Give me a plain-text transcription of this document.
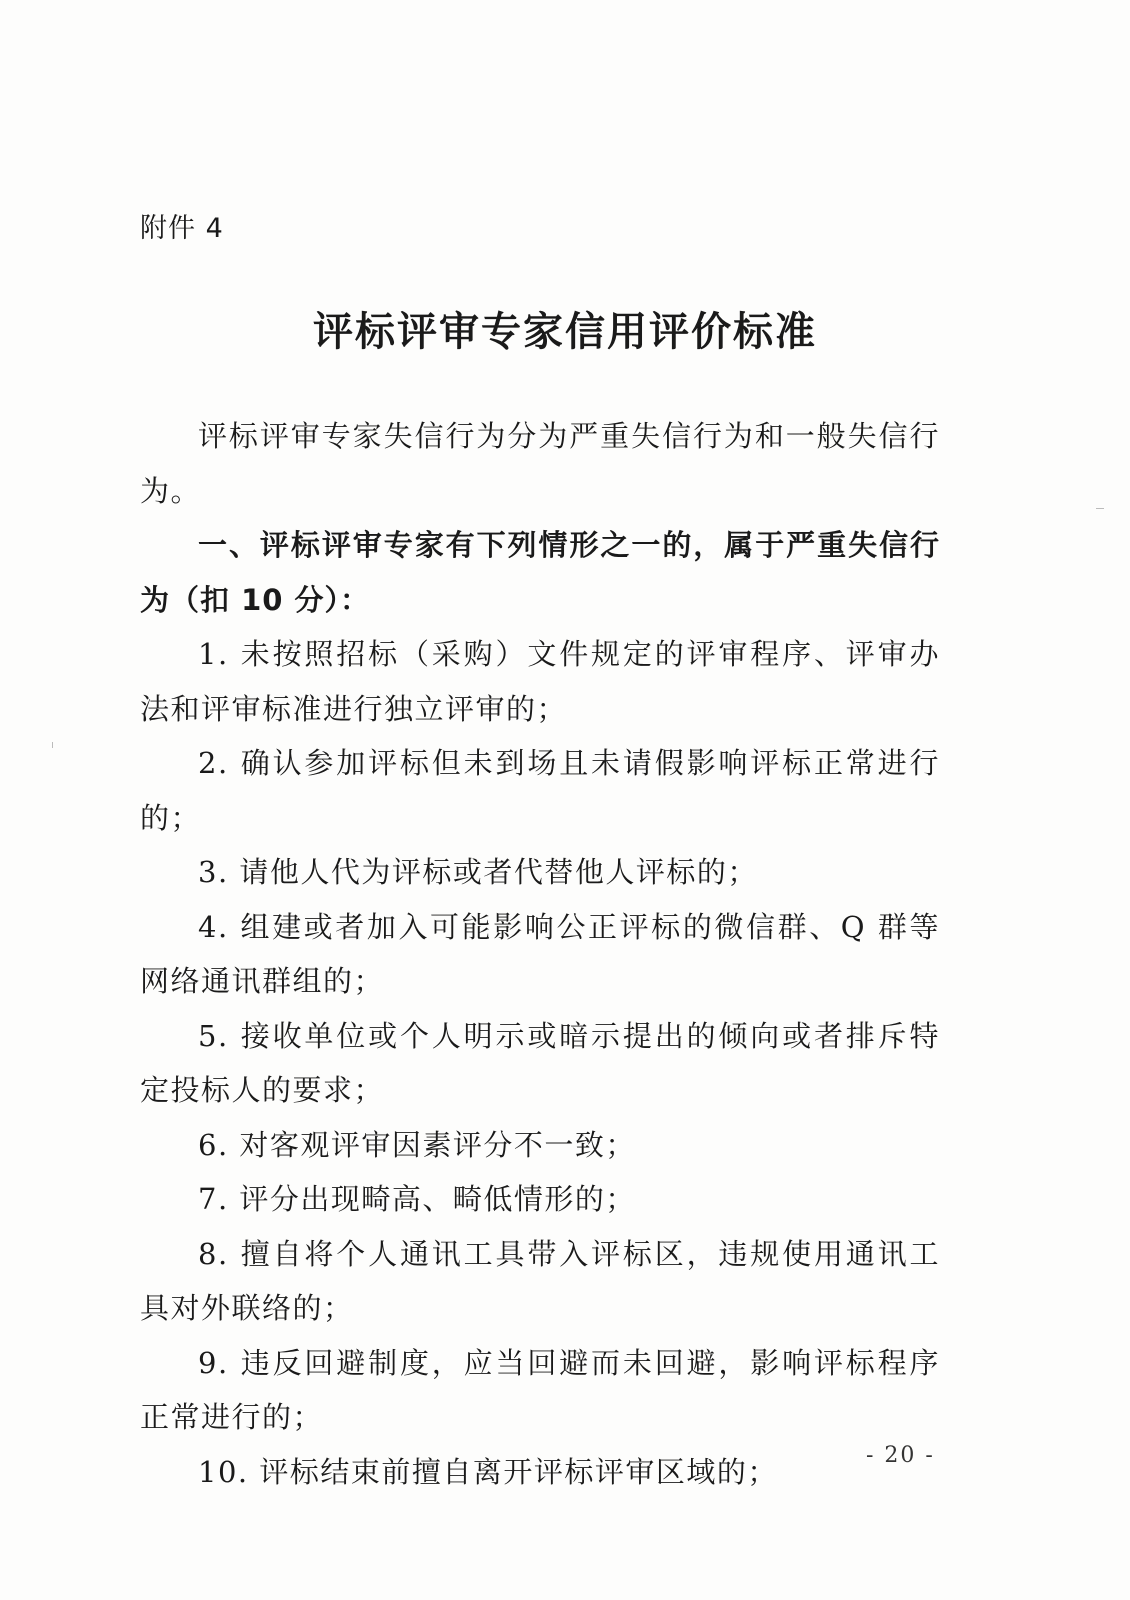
附件 4
评标评审专家信用评价标准

评标评审专家失信行为分为严重失信行为和一般失信行为。

一、评标评审专家有下列情形之一的，属于严重失信行为（扣 10 分）：

1. 未按照招标（采购）文件规定的评审程序、评审办法和评审标准进行独立评审的；

2. 确认参加评标但未到场且未请假影响评标正常进行的；

3. 请他人代为评标或者代替他人评标的；

4. 组建或者加入可能影响公正评标的微信群、Q 群等网络通讯群组的；

5. 接收单位或个人明示或暗示提出的倾向或者排斥特定投标人的要求；

6. 对客观评审因素评分不一致；

7. 评分出现畸高、畸低情形的；

8. 擅自将个人通讯工具带入评标区，违规使用通讯工具对外联络的；

9. 违反回避制度，应当回避而未回避，影响评标程序正常进行的；

10. 评标结束前擅自离开评标评审区域的；	- 20 -
